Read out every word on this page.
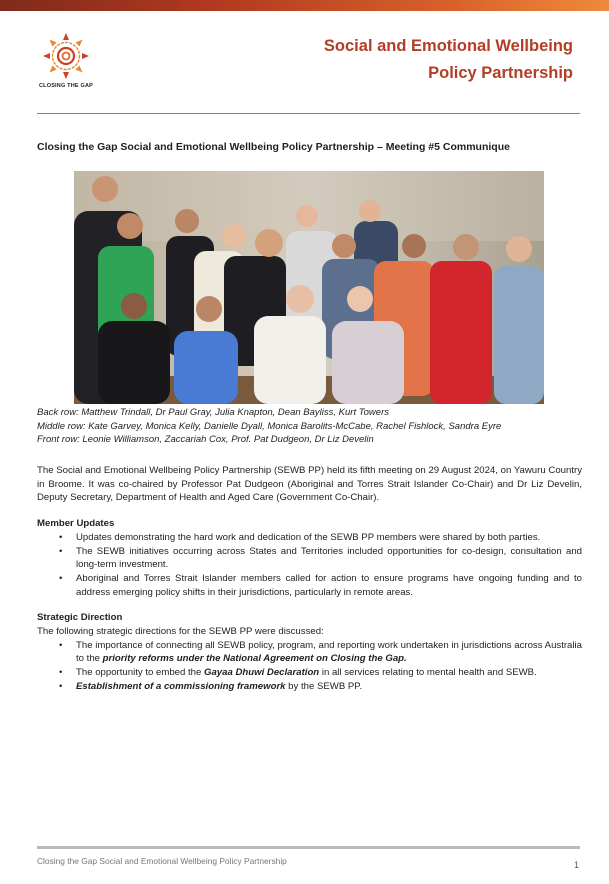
CLOSING THE GAP
Social and Emotional Wellbeing
Policy Partnership
Closing the Gap Social and Emotional Wellbeing Policy Partnership – Meeting #5 Communique
Back row: Matthew Trindall, Dr Paul Gray, Julia Knapton, Dean Bayliss, Kurt Towers
Middle row: Kate Garvey, Monica Kelly, Danielle Dyall, Monica Barolits-McCabe, Rachel Fishlock, Sandra Eyre
Front row: Leonie Williamson, Zaccariah Cox, Prof. Pat Dudgeon, Dr Liz Develin

The Social and Emotional Wellbeing Policy Partnership (SEWB PP) held its fifth meeting on 29 August 2024, on Yawuru Country in Broome. It was co-chaired by Professor Pat Dudgeon (Aboriginal and Torres Strait Islander Co-Chair) and Dr Liz Develin, Deputy Secretary, Department of Health and Aged Care (Government Co-Chair).

Member Updates
• Updates demonstrating the hard work and dedication of the SEWB PP members were shared by both parties.
• The SEWB initiatives occurring across States and Territories included opportunities for co-design, consultation and long-term investment.
• Aboriginal and Torres Strait Islander members called for action to ensure programs have ongoing funding and to address emerging policy shifts in their jurisdictions, particularly in remote areas.
Strategic Direction
The following strategic directions for the SEWB PP were discussed:
• The importance of connecting all SEWB policy, program, and reporting work undertaken in jurisdictions across Australia to the priority reforms under the National Agreement on Closing the Gap.
• The opportunity to embed the Gayaa Dhuwi Declaration in all services relating to mental health and SEWB.
• Establishment of a commissioning framework by the SEWB PP.
Closing the Gap Social and Emotional Wellbeing Policy Partnership	1
